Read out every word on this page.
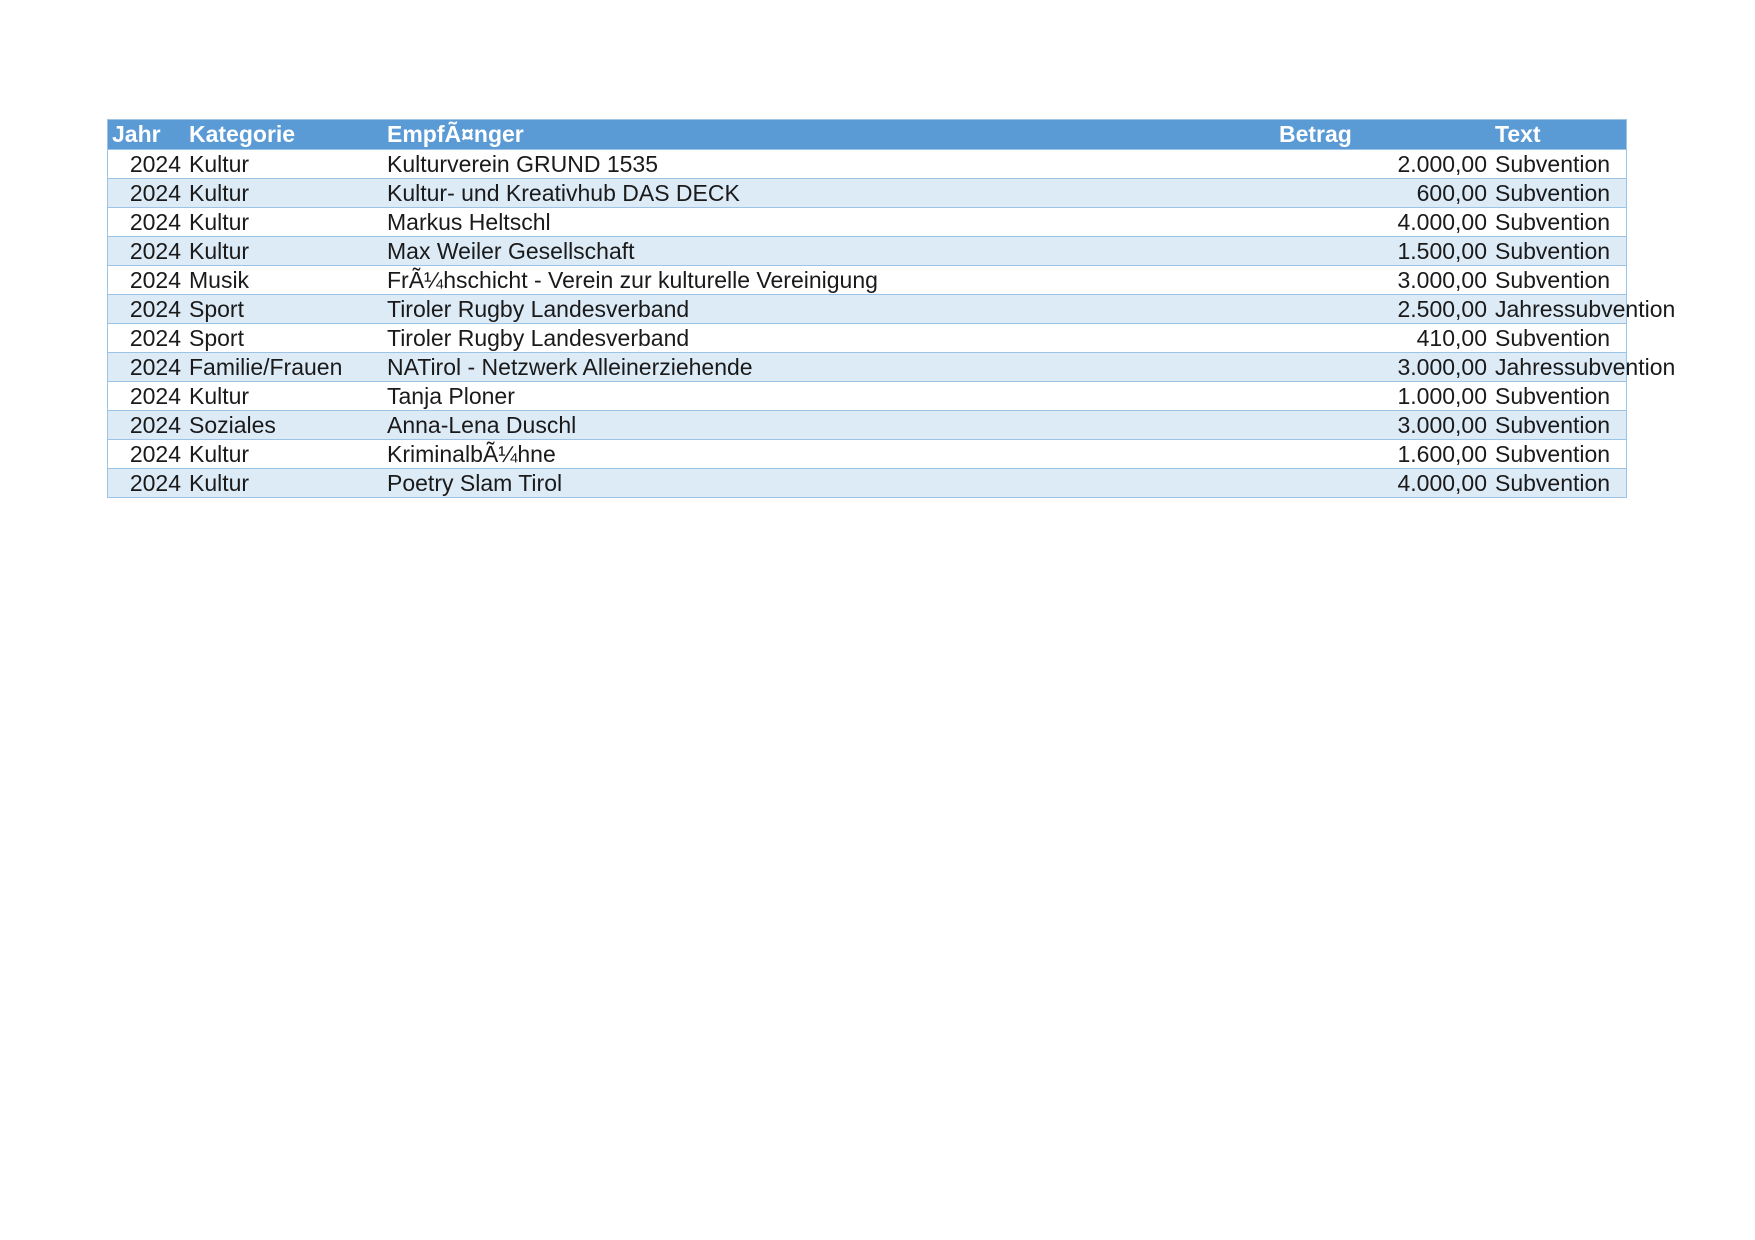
Jahr	Kategorie	EmpfÃ¤nger	Betrag	Text
2024	Kultur	Kulturverein GRUND 1535	2.000,00	Subvention
2024	Kultur	Kultur- und Kreativhub DAS DECK	600,00	Subvention
2024	Kultur	Markus Heltschl	4.000,00	Subvention
2024	Kultur	Max Weiler Gesellschaft	1.500,00	Subvention
2024	Musik	FrÃ¼hschicht - Verein zur kulturelle Vereinigung	3.000,00	Subvention
2024	Sport	Tiroler Rugby Landesverband	2.500,00	Jahressubvention
2024	Sport	Tiroler Rugby Landesverband	410,00	Subvention
2024	Familie/Frauen	NATirol - Netzwerk Alleinerziehende	3.000,00	Jahressubvention
2024	Kultur	Tanja Ploner	1.000,00	Subvention
2024	Soziales	Anna-Lena Duschl	3.000,00	Subvention
2024	Kultur	KriminalbÃ¼hne	1.600,00	Subvention
2024	Kultur	Poetry Slam Tirol	4.000,00	Subvention
